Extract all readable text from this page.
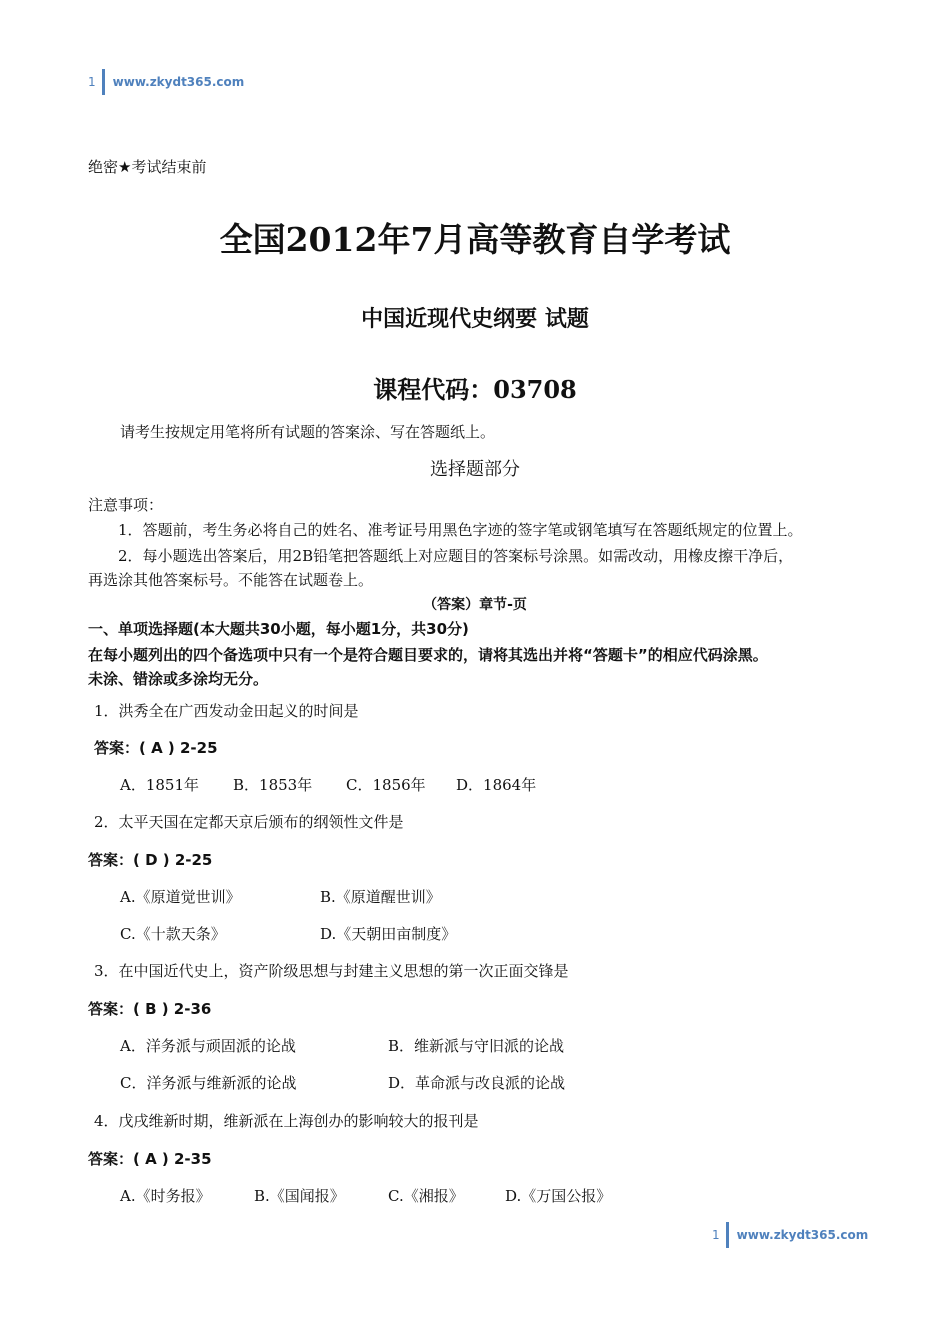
1 www.zkydt365.com
绝密★考试结束前
全国2012年7月高等教育自学考试
中国近现代史纲要 试题
课程代码：03708
请考生按规定用笔将所有试题的答案涂、写在答题纸上。
选择题部分
注意事项：
1．答题前，考生务必将自己的姓名、准考证号用黑色字迹的签字笔或钢笔填写在答题纸规定的位置上。
2．每小题选出答案后，用2B铅笔把答题纸上对应题目的答案标号涂黑。如需改动，用橡皮擦干净后，
再选涂其他答案标号。不能答在试题卷上。
（答案）章节-页
一、单项选择题(本大题共30小题，每小题1分，共30分)
在每小题列出的四个备选项中只有一个是符合题目要求的，请将其选出并将“答题卡”的相应代码涂黑。
未涂、错涂或多涂均无分。
1．洪秀全在广西发动金田起义的时间是
答案：( A ) 2-25
A．1851年 B．1853年 C．1856年 D．1864年
2．太平天国在定都天京后颁布的纲领性文件是
答案：( D ) 2-25
A.《原道觉世训》	B.《原道醒世训》
C.《十款天条》	D.《天朝田亩制度》
3．在中国近代史上，资产阶级思想与封建主义思想的第一次正面交锋是
答案：( B ) 2-36
A．洋务派与顽固派的论战	B．维新派与守旧派的论战
C．洋务派与维新派的论战	D．革命派与改良派的论战
4．戊戌维新时期，维新派在上海创办的影响较大的报刊是
答案：( A ) 2-35
A.《时务报》	B.《国闻报》	C.《湘报》	D.《万国公报》
1 www.zkydt365.com
